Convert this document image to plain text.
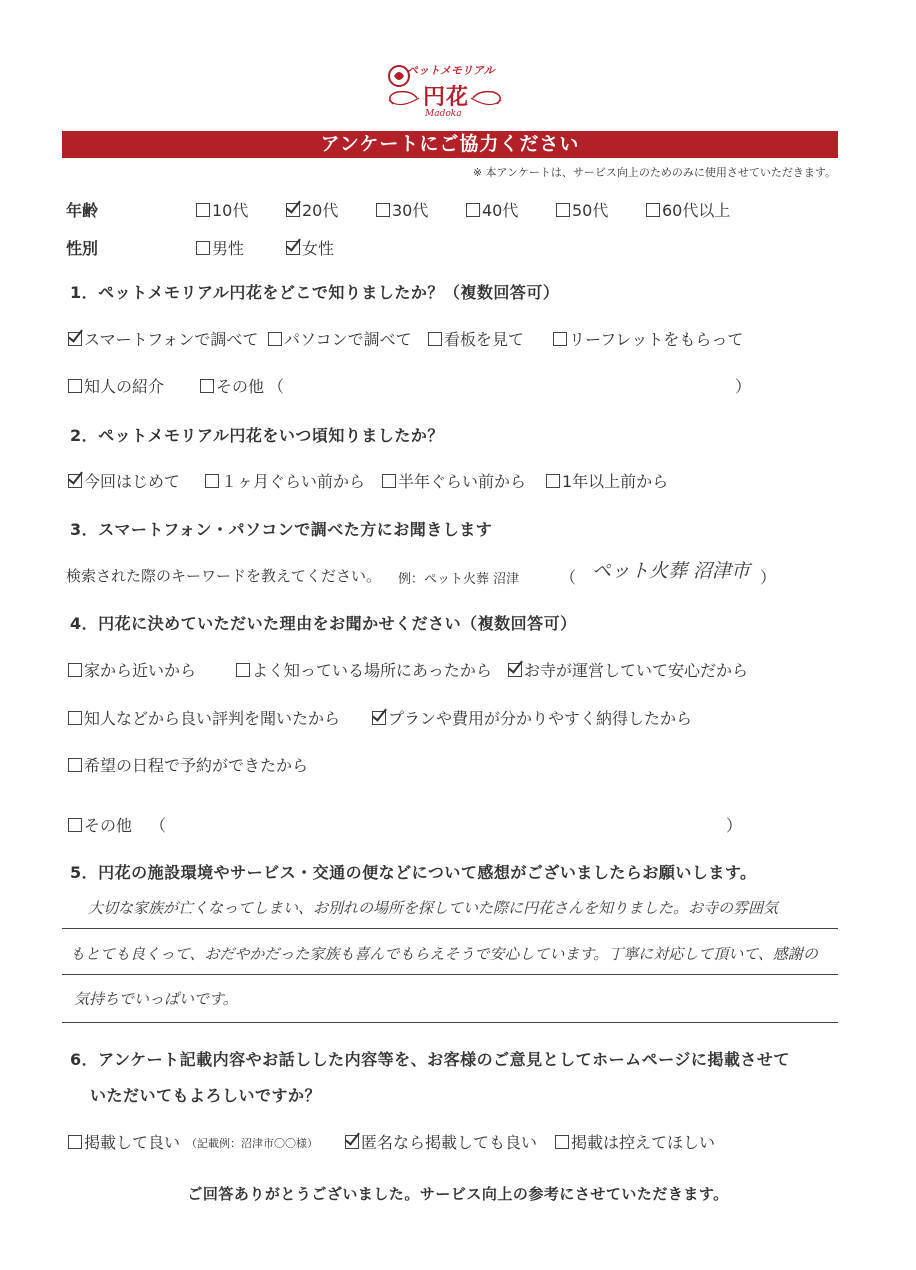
ペットメモリアル
円花
Madoka
アンケートにご協力ください
※ 本アンケートは、サービス向上のためのみに使用させていただきます。
年齢	10代	20代	30代	40代	50代	60代以上
性別	男性	女性
1．ペットメモリアル円花をどこで知りましたか？（複数回答可）
スマートフォンで調べて	パソコンで調べて	看板を見て	リーフレットをもらって
知人の紹介	その他 （	）
2．ペットメモリアル円花をいつ頃知りましたか？
今回はじめて	１ヶ月ぐらい前から	半年ぐらい前から	1年以上前から
3．スマートフォン・パソコンで調べた方にお聞きします
検索された際のキーワードを教えてください。 例：ペット火葬 沼津	（ ペット火葬 沼津市 ）
4．円花に決めていただいた理由をお聞かせください（複数回答可）
家から近いから	よく知っている場所にあったから	お寺が運営していて安心だから
知人などから良い評判を聞いたから	プランや費用が分かりやすく納得したから
希望の日程で予約ができたから
その他 （	）
5．円花の施設環境やサービス・交通の便などについて感想がございましたらお願いします。
大切な家族が亡くなってしまい、お別れの場所を探していた際に円花さんを知りました。お寺の雰囲気
もとても良くって、おだやかだった家族も喜んでもらえそうで安心しています。丁寧に対応して頂いて、感謝の
気持ちでいっぱいです。
6．アンケート記載内容やお話しした内容等を、お客様のご意見としてホームページに掲載させて
いただいてもよろしいですか？
掲載して良い （記載例：沼津市〇〇様）	匿名なら掲載しても良い	掲載は控えてほしい
ご回答ありがとうございました。サービス向上の参考にさせていただきます。
